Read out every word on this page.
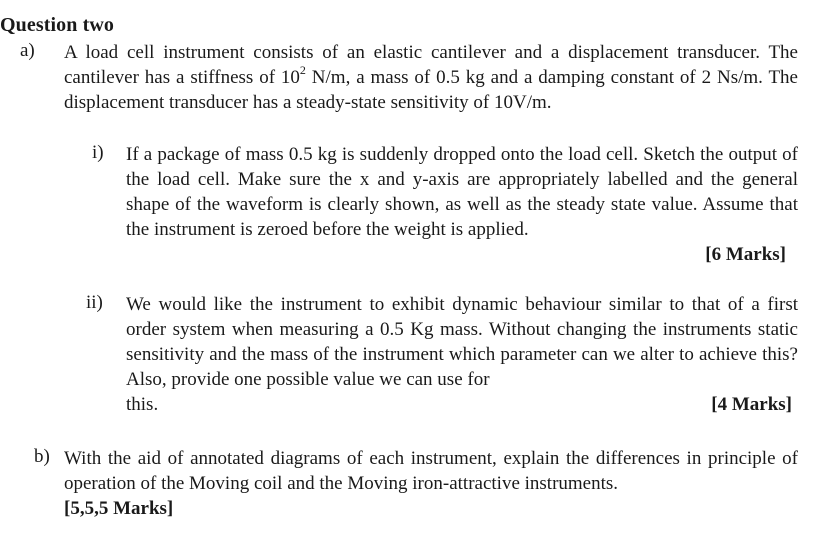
Question two
a) A load cell instrument consists of an elastic cantilever and a displacement transducer. The cantilever has a stiffness of $10^2$ N/m, a mass of 0.5 kg and a damping constant of 2 Ns/m. The displacement transducer has a steady-state sensitivity of 10V/m.
i) If a package of mass 0.5 kg is suddenly dropped onto the load cell. Sketch the output of the load cell. Make sure the x and y-axis are appropriately labelled and the general shape of the waveform is clearly shown, as well as the steady state value. Assume that the instrument is zeroed before the weight is applied.
[6 Marks]
ii) We would like the instrument to exhibit dynamic behaviour similar to that of a first order system when measuring a 0.5 Kg mass. Without changing the instruments static sensitivity and the mass of the instrument which parameter can we alter to achieve this? Also, provide one possible value we can use for
this.	[4 Marks]
b) With the aid of annotated diagrams of each instrument, explain the differences in principle of operation of the Moving coil and the Moving iron-attractive instruments.
[5,5,5 Marks]
